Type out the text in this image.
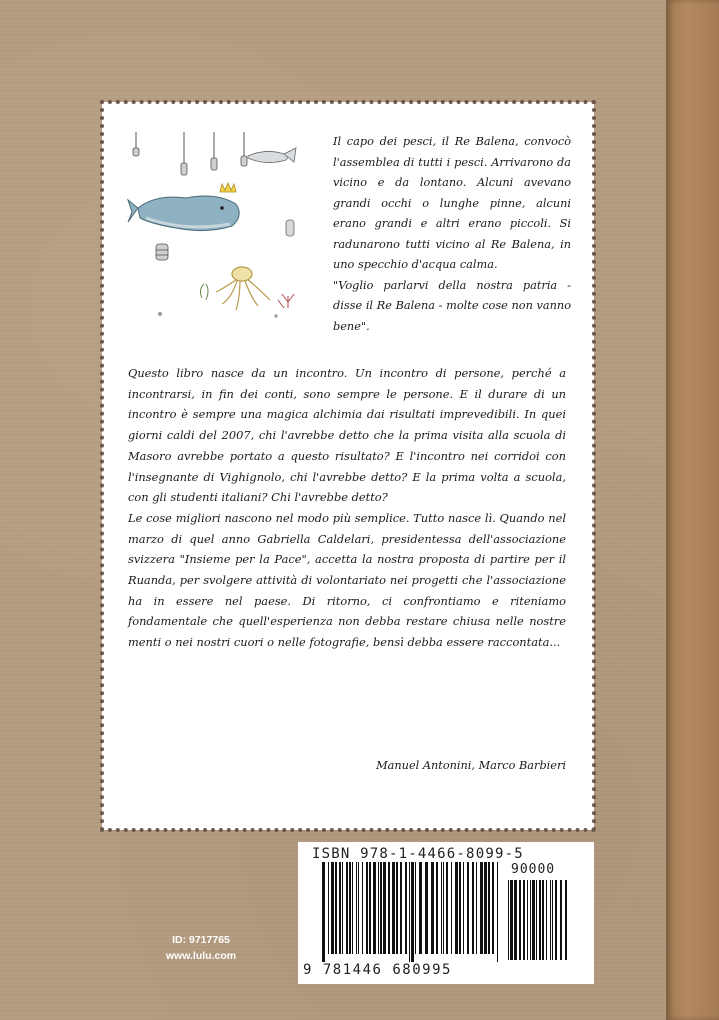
Il capo dei pesci, il Re Balena, convocò l'assemblea di tutti i pesci. Arrivarono da vicino e da lontano. Alcuni avevano grandi occhi o lunghe pinne, alcuni erano grandi e altri erano piccoli. Si radunarono tutti vicino al Re Balena, in uno specchio d'acqua calma.

"Voglio parlarvi della nostra patria - disse il Re Balena - molte cose non vanno bene".

Questo libro nasce da un incontro. Un incontro di persone, perché a incontrarsi, in fin dei conti, sono sempre le persone. E il durare di un incontro è sempre una magica alchimia dai risultati imprevedibili. In quei giorni caldi del 2007, chi l'avrebbe detto che la prima visita alla scuola di Masoro avrebbe portato a questo risultato? E l'incontro nei corridoi con l'insegnante di Vighignolo, chi l'avrebbe detto? E la prima volta a scuola, con gli studenti italiani? Chi l'avrebbe detto?

Le cose migliori nascono nel modo più semplice. Tutto nasce lì. Quando nel marzo di quel anno Gabriella Caldelari, presidentessa dell'associazione svizzera "Insieme per la Pace", accetta la nostra proposta di partire per il Ruanda, per svolgere attività di volontariato nei progetti che l'associazione ha in essere nel paese. Di ritorno, ci confrontiamo e riteniamo fondamentale che quell'esperienza non debba restare chiusa nelle nostre menti o nei nostri cuori o nelle fotografie, bensì debba essere raccontata...

Manuel Antonini, Marco Barbieri
ISBN 978-1-4466-8099-5
90000
9 781446 680995
ID: 9717765
www.lulu.com
